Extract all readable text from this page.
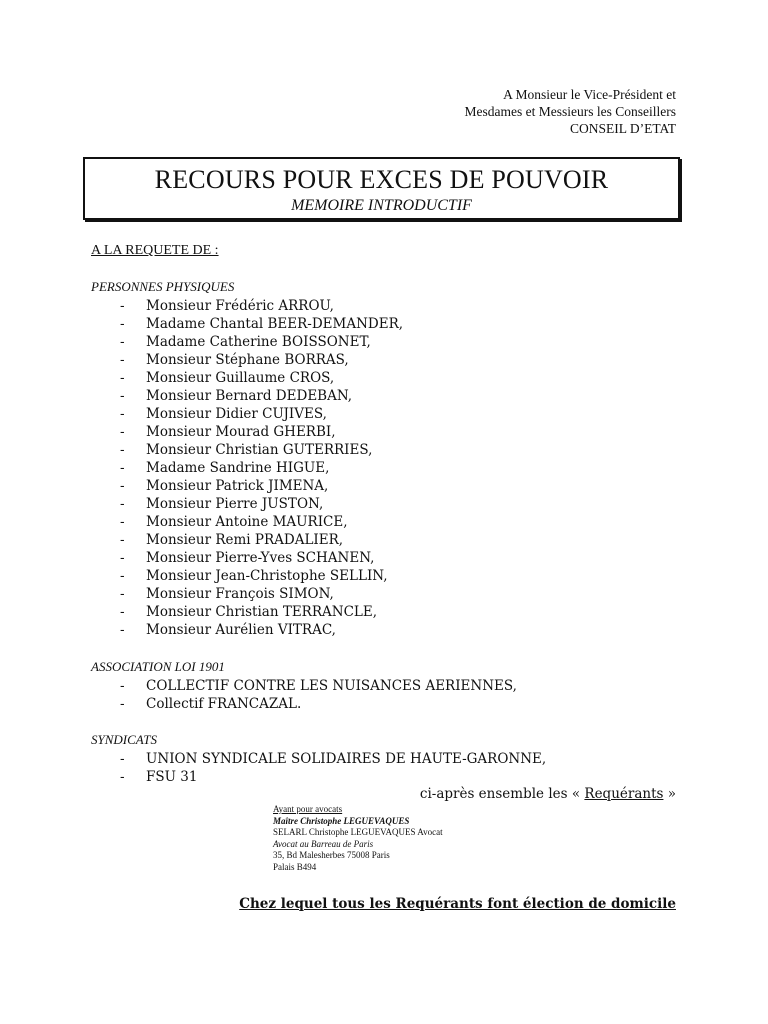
A Monsieur le Vice-Président et
Mesdames et Messieurs les Conseillers
CONSEIL D’ETAT
RECOURS POUR EXCES DE POUVOIR
MEMOIRE INTRODUCTIF
A LA REQUETE DE :
PERSONNES PHYSIQUES
- Monsieur Frédéric ARROU,
- Madame Chantal BEER-DEMANDER,
- Madame Catherine BOISSONET,
- Monsieur Stéphane BORRAS,
- Monsieur Guillaume CROS,
- Monsieur Bernard DEDEBAN,
- Monsieur Didier CUJIVES,
- Monsieur Mourad GHERBI,
- Monsieur Christian GUTERRIES,
- Madame Sandrine HIGUE,
- Monsieur Patrick JIMENA,
- Monsieur Pierre JUSTON,
- Monsieur Antoine MAURICE,
- Monsieur Remi PRADALIER,
- Monsieur Pierre-Yves SCHANEN,
- Monsieur Jean-Christophe SELLIN,
- Monsieur François SIMON,
- Monsieur Christian TERRANCLE,
- Monsieur Aurélien VITRAC,
ASSOCIATION LOI 1901
- COLLECTIF CONTRE LES NUISANCES AERIENNES,
- Collectif FRANCAZAL.
SYNDICATS
- UNION SYNDICALE SOLIDAIRES DE HAUTE-GARONNE,
- FSU 31
ci-après ensemble les « Requérants »
Ayant pour avocats
Maître Christophe LEGUEVAQUES
SELARL Christophe LEGUEVAQUES Avocat
Avocat au Barreau de Paris
35, Bd Malesherbes 75008 Paris
Palais B494
Chez lequel tous les Requérants font élection de domicile
